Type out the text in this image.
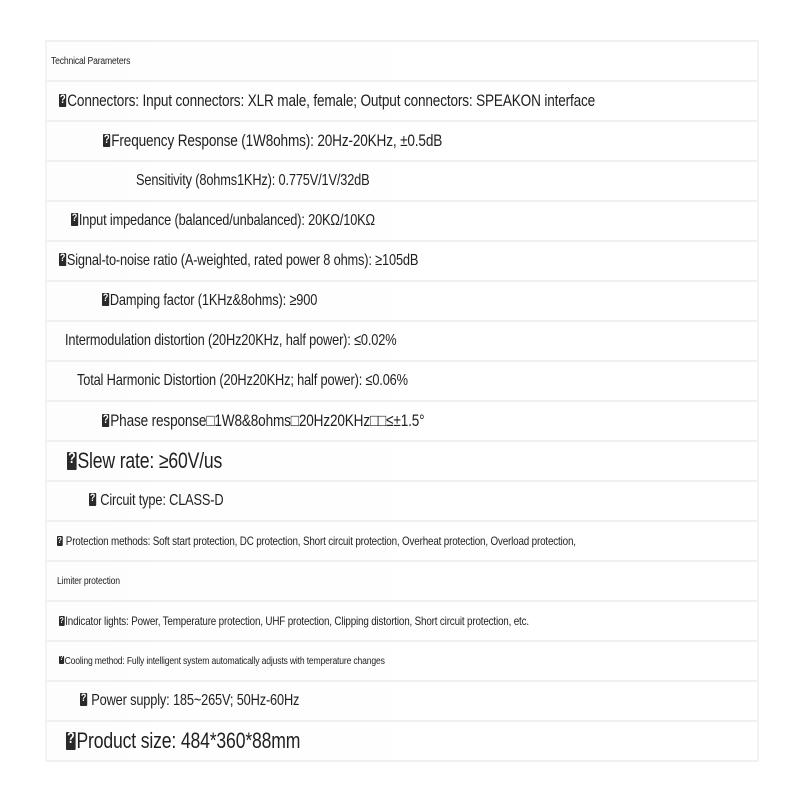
Technical Parameters
?Connectors: Input connectors: XLR male, female; Output connectors: SPEAKON interface
?Frequency Response (1W8ohms): 20Hz-20KHz, ±0.5dB
Sensitivity (8ohms1KHz): 0.775V/1V/32dB
?Input impedance (balanced/unbalanced): 20KΩ/10KΩ
?Signal-to-noise ratio (A-weighted, rated power 8 ohms): ≥105dB
?Damping factor (1KHz&8ohms): ≥900
Intermodulation distortion (20Hz20KHz, half power): ≤0.02%
Total Harmonic Distortion (20Hz20KHz; half power): ≤0.06%
?Phase response□1W8&8ohms□20Hz20KHz□□≤±1.5°
?Slew rate: ≥60V/us
? Circuit type: CLASS-D
? Protection methods: Soft start protection, DC protection, Short circuit protection, Overheat protection, Overload protection,
Limiter protection
?Indicator lights: Power, Temperature protection, UHF protection, Clipping distortion, Short circuit protection, etc.
?Cooling method: Fully intelligent system automatically adjusts with temperature changes
? Power supply: 185~265V; 50Hz-60Hz
?Product size: 484*360*88mm
